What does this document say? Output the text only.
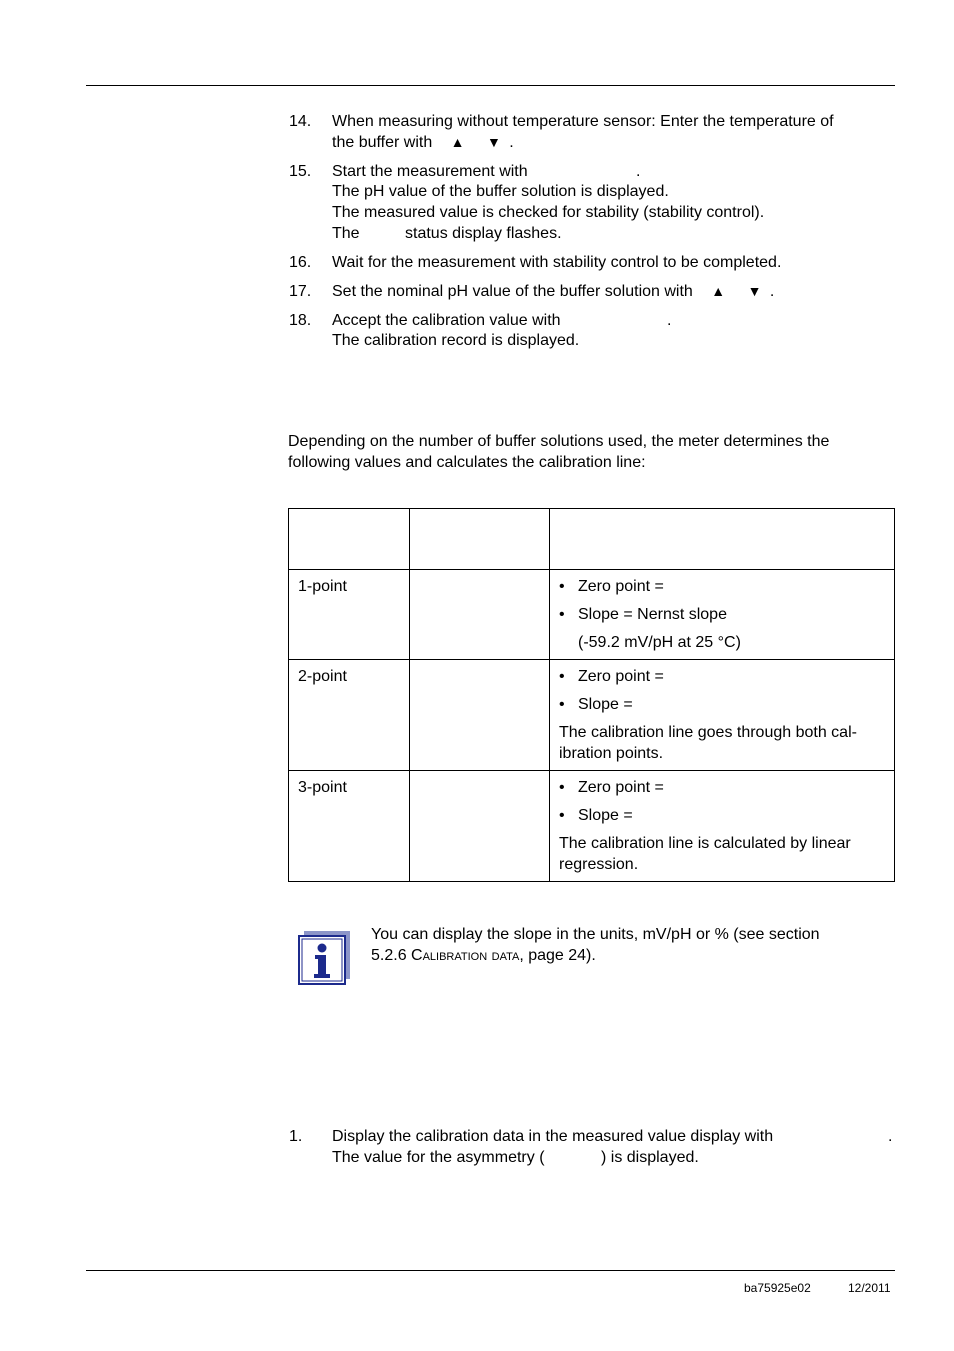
14. When measuring without temperature sensor: Enter the temperature of
the buffer with ▲ ▼ .
15. Start the measurement with	.
The pH value of the buffer solution is displayed.
The measured value is checked for stability (stability control).
The	status display flashes.
16. Wait for the measurement with stability control to be completed.
17. Set the nominal pH value of the buffer solution with ▲ ▼ .
18. Accept the calibration value with	.
The calibration record is displayed.
Depending on the number of buffer solutions used, the meter determines the
following values and calculates the calibration line:

1-point		• Zero point =
• Slope = Nernst slope
(-59.2 mV/pH at 25 °C)

2-point		• Zero point =
• Slope =
The calibration line goes through both cal-
ibration points.

3-point		• Zero point =
• Slope =
The calibration line is calculated by linear
regression.
You can display the slope in the units, mV/pH or % (see section
5.2.6 Calibration data, page 24).
1. Display the calibration data in the measured value display with	.
The value for the asymmetry (	) is displayed.
ba75925e02	12/2011
